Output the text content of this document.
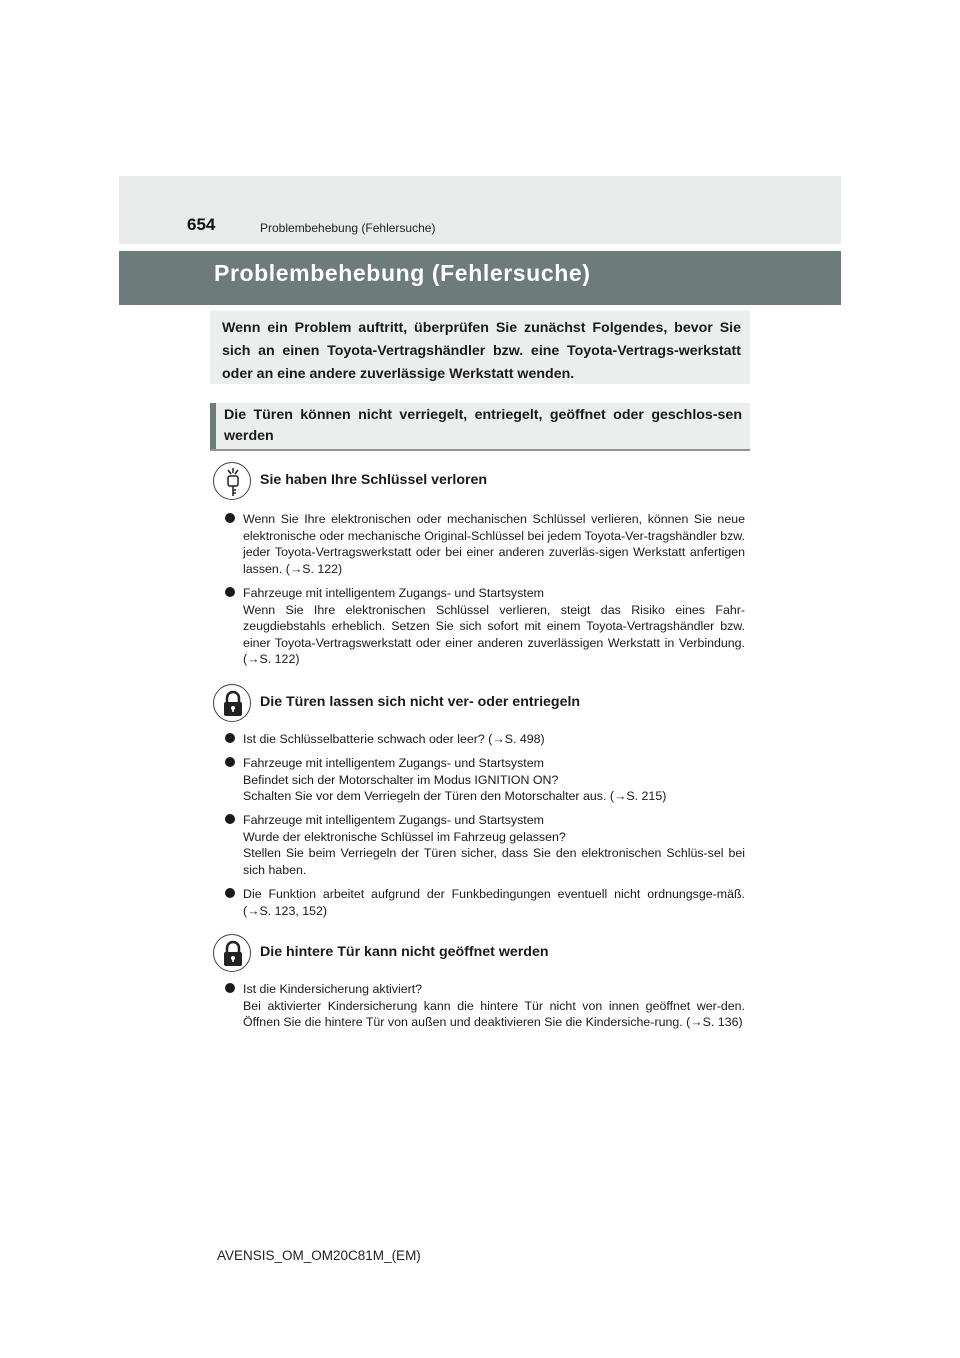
654	Problembehebung (Fehlersuche)
Problembehebung (Fehlersuche)

Wenn ein Problem auftritt, überprüfen Sie zunächst Folgendes, bevor Sie sich an einen Toyota-Vertragshändler bzw. eine Toyota-Vertrags-werkstatt oder an eine andere zuverlässige Werkstatt wenden.

Die Türen können nicht verriegelt, entriegelt, geöffnet oder geschlos-sen werden

Sie haben Ihre Schlüssel verloren

Wenn Sie Ihre elektronischen oder mechanischen Schlüssel verlieren, können Sie neue elektronische oder mechanische Original-Schlüssel bei jedem Toyota-Ver-tragshändler bzw. jeder Toyota-Vertragswerkstatt oder bei einer anderen zuverläs-sigen Werkstatt anfertigen lassen. (→S. 122)

Fahrzeuge mit intelligentem Zugangs- und Startsystem
Wenn Sie Ihre elektronischen Schlüssel verlieren, steigt das Risiko eines Fahr-zeugdiebstahls erheblich. Setzen Sie sich sofort mit einem Toyota-Vertragshändler bzw. einer Toyota-Vertragswerkstatt oder einer anderen zuverlässigen Werkstatt in Verbindung. (→S. 122)

Die Türen lassen sich nicht ver- oder entriegeln

Ist die Schlüsselbatterie schwach oder leer? (→S. 498)

Fahrzeuge mit intelligentem Zugangs- und Startsystem
Befindet sich der Motorschalter im Modus IGNITION ON?
Schalten Sie vor dem Verriegeln der Türen den Motorschalter aus. (→S. 215)

Fahrzeuge mit intelligentem Zugangs- und Startsystem
Wurde der elektronische Schlüssel im Fahrzeug gelassen?
Stellen Sie beim Verriegeln der Türen sicher, dass Sie den elektronischen Schlüs-sel bei sich haben.

Die Funktion arbeitet aufgrund der Funkbedingungen eventuell nicht ordnungsge-mäß. (→S. 123, 152)

Die hintere Tür kann nicht geöffnet werden

Ist die Kindersicherung aktiviert?
Bei aktivierter Kindersicherung kann die hintere Tür nicht von innen geöffnet wer-den. Öffnen Sie die hintere Tür von außen und deaktivieren Sie die Kindersiche-rung. (→S. 136)

AVENSIS_OM_OM20C81M_(EM)
